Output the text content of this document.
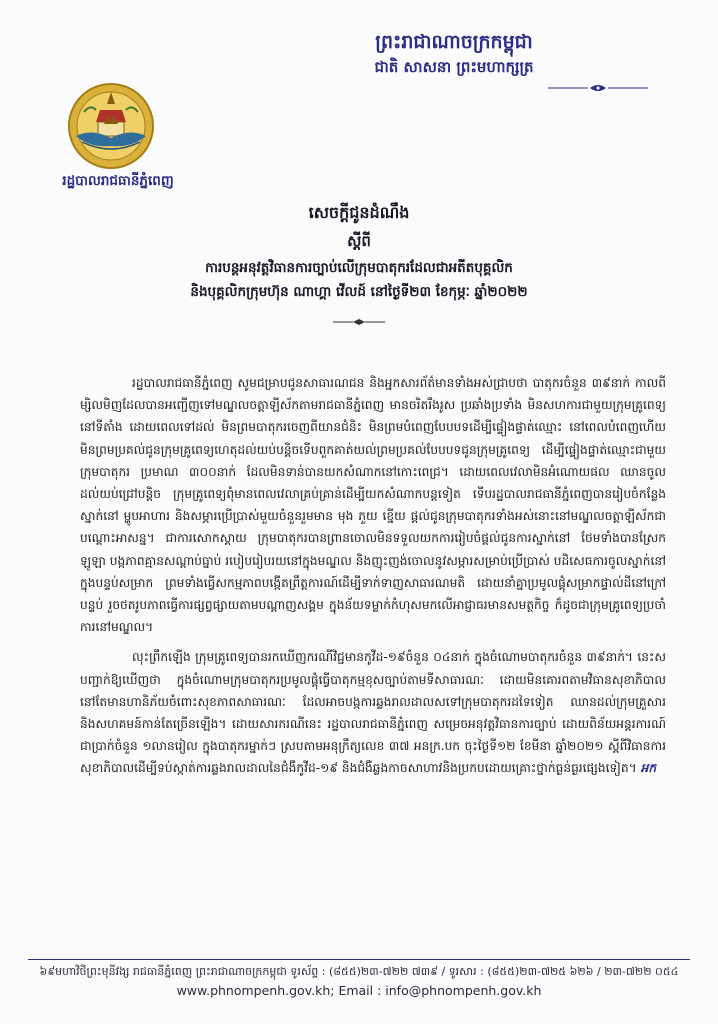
ព្រះរាជាណាចក្រកម្ពុជា
ជាតិ សាសនា ព្រះមហាក្សត្រ
រដ្ឋបាលរាជធានីភ្នំពេញ
សេចក្តីជូនដំណឹង
ស្តីពី
ការបន្តអនុវត្តវិធានការច្បាប់លើក្រុមបាតុករដែលជាអតីតបុគ្គលិក
និងបុគ្គលិកក្រុមហ៊ុន ណាហ្គា វើលដ៍ នៅថ្ងៃទី២៣ ខែកុម្ភៈ ឆ្នាំ២០២២

រដ្ឋបាលរាជធានីភ្នំពេញ សូមជម្រាបជូនសាធារណជន និងអ្នកសារព័ត៌មានទាំងអស់ជ្រាបថា បាតុករចំនួន ៣៩នាក់ កាលពីម្សិលមិញដែលបានអញ្ជើញទៅមណ្ឌលចត្តាឡីស័កតាមរាជធានីភ្នំពេញ មានចរិតរឹងរូស ប្រឆាំងប្រទាំង មិនសហការជាមួយក្រុមគ្រូពេទ្យនៅទីតាំង ដោយពេលទៅដល់ មិនព្រមបាតុករចេញពីយានជំនិះ មិនព្រមបំពេញបែបបទដើម្បីផ្ទៀងផ្ទាត់ឈ្មោះ នៅពេលបំពេញហើយមិនព្រមប្រគល់ជូនក្រុមគ្រូពេទ្យហេតុដល់យប់បន្តិចទើបពួកគាត់យល់ព្រមប្រគល់បែបបទជូនក្រុមគ្រូពេទ្យ ដើម្បីផ្ទៀងផ្ទាត់ឈ្មោះជាមួយក្រុមបាតុករ ប្រមាណ ៣០០នាក់ ដែលមិនទាន់បានយកសំណាកនៅកោះពេជ្រ។ ដោយពេលវេលាមិនអំណោយផល ឈានចូលដល់យប់ជ្រៅបន្តិច ក្រុមគ្រូពេទ្យពុំមានពេលវេលាគ្រប់គ្រាន់ដើម្បីយកសំណាកបន្តទៀត ទើបរដ្ឋបាលរាជធានីភ្នំពេញបានរៀបចំកន្លែងស្នាក់នៅ ម្ហូបអាហារ និងសម្ភារប្រើប្រាស់មួយចំនួនរួមមាន មុង ភួយ ខ្នើយ ផ្តល់ជូនក្រុមបាតុករទាំងអស់នោះនៅមណ្ឌលចត្តាឡីស័កជាបណ្តោះអាសន្ន។ ជាការសោកស្តាយ ក្រុមបាតុករបានព្រានចោលមិនទទួលយកការរៀបចំផ្តល់ជូនការស្នាក់នៅ ថែមទាំងបានស្រែកឡូឡា បង្កភាពគ្មានសណ្តាប់ធ្នាប់ របៀបរៀបរយនៅក្នុងមណ្ឌល និងញុះញង់ចោលនូវសម្ភារសម្រាប់ប្រើប្រាស់ បដិសេធការចូលស្នាក់នៅក្នុងបន្ទប់សម្រាក ព្រមទាំងធ្វើសកម្មភាពបង្កើតព្រឹត្តការណ៍ដើម្បីទាក់ទាញសាធារណមតិ ដោយនាំគ្នាប្រមូលផ្តុំសម្រាកផ្ទាល់ដីនៅក្រៅបន្ទប់ រួចថតរូបភាពធ្វើការផ្សព្វផ្សាយតាមបណ្តាញសង្គម ក្នុងន័យទម្លាក់កំហុសមកលើអាជ្ញាធរមានសមត្ថកិច្ច ក៏ដូចជាក្រុមគ្រូពេទ្យប្រចាំការនៅមណ្ឌល។

លុះព្រឹកឡើង ក្រុមគ្រូពេទ្យបានរកឃើញករណីវិជ្ជមានកូវីដ-១៩ចំនួន ០៤នាក់ ក្នុងចំណោមបាតុករចំនួន ៣៩នាក់។ នេះសបញ្ជាក់ឱ្យឃើញថា ក្នុងចំណោមក្រុមបាតុករប្រមូលផ្តុំធ្វើបាតុកម្មខុសច្បាប់តាមទីសាធារណៈ ដោយមិនគោរពតាមវិធានសុខាភិបាល នៅតែមានហានិភ័យចំពោះសុខភាពសាធារណៈ ដែលអាចបង្កការឆ្លងរាលដាលសទៅក្រុមបាតុករដទៃទៀត ឈានដល់ក្រុមគ្រួសារ និងសហគមន៍កាន់តែច្រើនឡើង។ ដោយសារករណីនេះ រដ្ឋបាលរាជធានីភ្នំពេញ សម្រេចអនុវត្តវិធានការច្បាប់ ដោយពិន័យអន្តរការណ៍ជាប្រាក់ចំនួន ១លានរៀល ក្នុងបាតុករម្នាក់ៗ ស្របតាមអនុក្រឹត្យលេខ ៣៧ អនក្រ.បក ចុះថ្ងៃទី១២ ខែមីនា ឆ្នាំ២០២១ ស្តីពីវិធានការសុខាភិបាលដើម្បីទប់ស្កាត់ការឆ្លងរាលដាលនៃជំងឺកូវីដ-១៩ និងជំងឺឆ្លងកាចសាហាវនិងប្រកបដោយគ្រោះថ្នាក់ធ្ងន់ធ្ងរផ្សេងទៀត។ អក

៦៩មហាវិថីព្រះមុនីវង្ស រាជធានីភ្នំពេញ ព្រះរាជាណាចក្រកម្ពុជា ទូរស័ព្ទ : (៨៥៥)២៣-៧២២ ៧៣៩ / ទូរសារ : (៨៥៥)២៣-៧២៥ ៦២៦ / ២៣-៧២២ ០៥៤
www.phnompenh.gov.kh; Email : info@phnompenh.gov.kh
